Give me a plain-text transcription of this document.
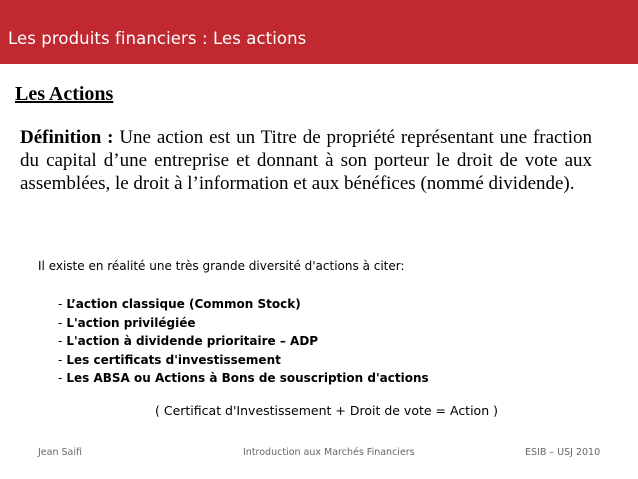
Les produits financiers : Les actions
Les Actions
Définition : Une action est un Titre de propriété représentant une fraction du capital d’une entreprise et donnant à son porteur le droit de vote aux assemblées, le droit à l’information et aux bénéfices (nommé dividende).
Il existe en réalité une très grande diversité d'actions à citer:
- L’action classique (Common Stock)
- L'action privilégiée
- L'action à dividende prioritaire – ADP
- Les certificats d'investissement
- Les ABSA ou Actions à Bons de souscription d'actions
( Certificat d'Investissement + Droit de vote = Action )
Jean Saifi	Introduction aux Marchés Financiers	ESIB – USJ 2010
